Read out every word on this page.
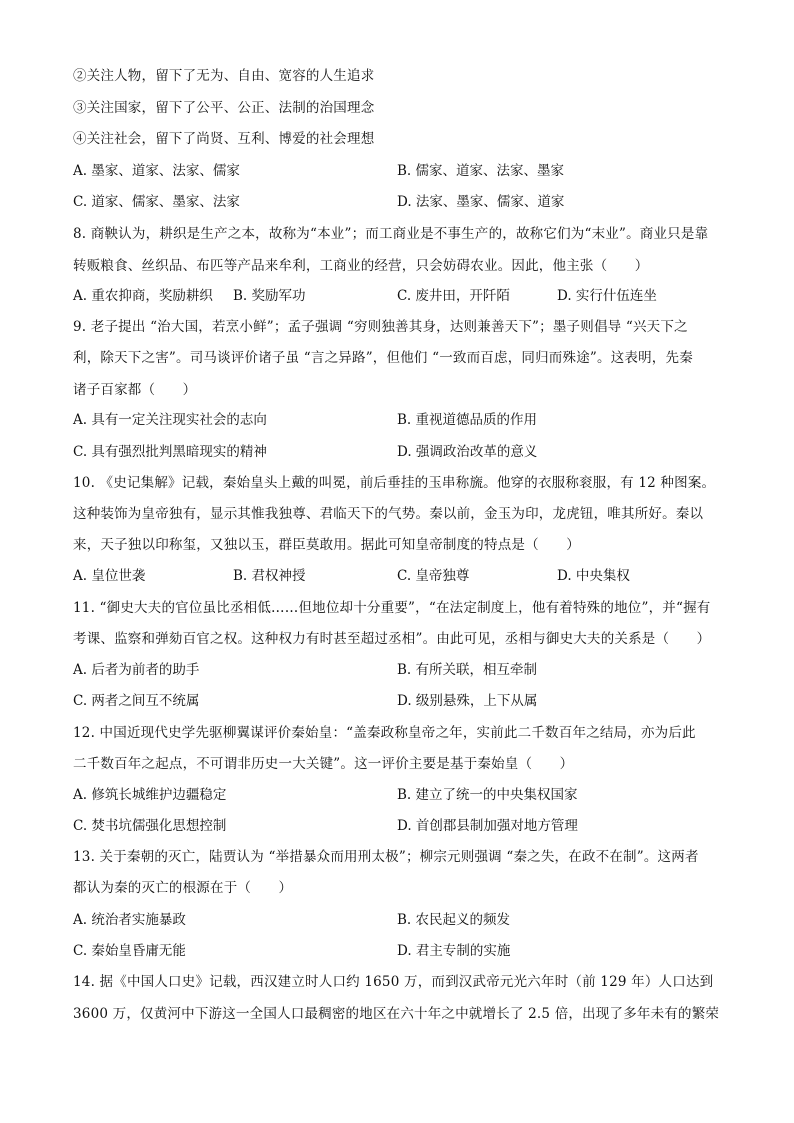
②关注人物，留下了无为、自由、宽容的人生追求
③关注国家，留下了公平、公正、法制的治国理念
④关注社会，留下了尚贤、互利、博爱的社会理想
A. 墨家、道家、法家、儒家	B. 儒家、道家、法家、墨家
C. 道家、儒家、墨家、法家	D. 法家、墨家、儒家、道家
8. 商鞅认为，耕织是生产之本，故称为“本业”；而工商业是不事生产的，故称它们为“末业”。商业只是靠
转贩粮食、丝织品、布匹等产品来牟利，工商业的经营，只会妨碍农业。因此，他主张（　　）
A. 重农抑商，奖励耕织 B. 奖励军功	C. 废井田，开阡陌	D. 实行什伍连坐
9. 老子提出 “治大国，若烹小鲜”；孟子强调 “穷则独善其身，达则兼善天下”；墨子则倡导 “兴天下之
利，除天下之害”。司马谈评价诸子虽 “言之异路”，但他们 “一致而百虑，同归而殊途”。这表明，先秦
诸子百家都（　　）
A. 具有一定关注现实社会的志向	B. 重视道德品质的作用
C. 具有强烈批判黑暗现实的精神	D. 强调政治改革的意义
10. 《史记集解》记载，秦始皇头上戴的叫冕，前后垂挂的玉串称旒。他穿的衣服称衮服，有 12 种图案。
这种装饰为皇帝独有，显示其惟我独尊、君临天下的气势。秦以前，金玉为印，龙虎钮，唯其所好。秦以
来，天子独以印称玺，又独以玉，群臣莫敢用。据此可知皇帝制度的特点是（　　）
A. 皇位世袭	B. 君权神授	C. 皇帝独尊	D. 中央集权
11. “御史大夫的官位虽比丞相低……但地位却十分重要”，“在法定制度上，他有着特殊的地位”，并“握有
考课、监察和弹劾百官之权。这种权力有时甚至超过丞相”。由此可见，丞相与御史大夫的关系是（　　）
A. 后者为前者的助手	B. 有所关联，相互牵制
C. 两者之间互不统属	D. 级别悬殊，上下从属
12. 中国近现代史学先驱柳翼谋评价秦始皇：“盖秦政称皇帝之年，实前此二千数百年之结局，亦为后此
二千数百年之起点，不可谓非历史一大关键”。这一评价主要是基于秦始皇（　　）
A. 修筑长城维护边疆稳定	B. 建立了统一的中央集权国家
C. 焚书坑儒强化思想控制	D. 首创郡县制加强对地方管理
13. 关于秦朝的灭亡，陆贾认为 “举措暴众而用刑太极”；柳宗元则强调 “秦之失，在政不在制”。这两者
都认为秦的灭亡的根源在于（　　）
A. 统治者实施暴政	B. 农民起义的频发
C. 秦始皇昏庸无能	D. 君主专制的实施
14. 据《中国人口史》记载，西汉建立时人口约 1650 万，而到汉武帝元光六年时（前 129 年）人口达到
3600 万，仅黄河中下游这一全国人口最稠密的地区在六十年之中就增长了 2.5 倍，出现了多年未有的繁荣
